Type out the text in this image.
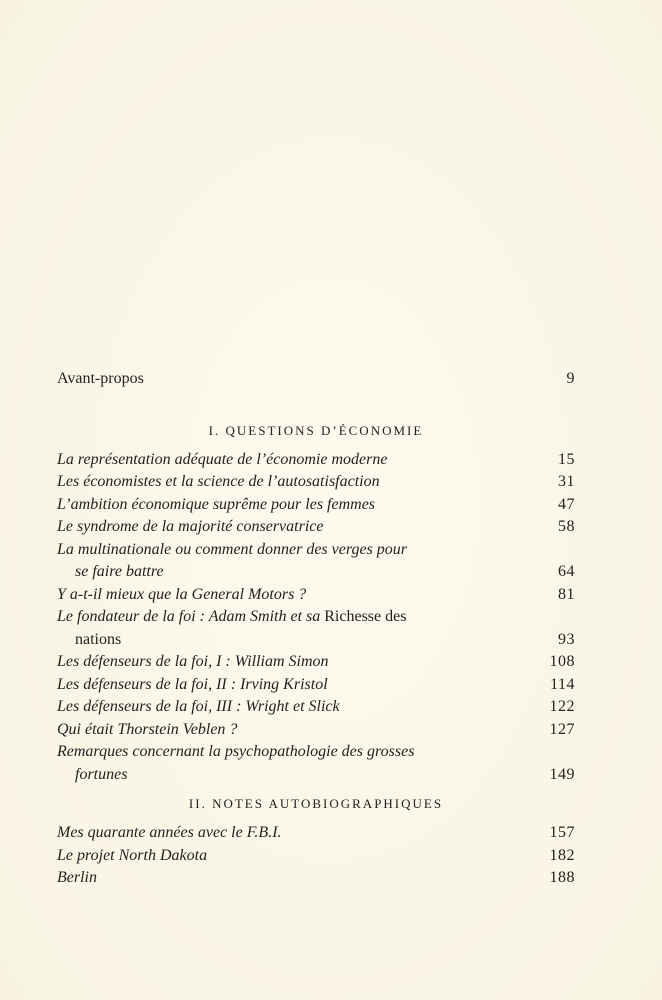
Avant-propos	9
I. QUESTIONS D’ÉCONOMIE
La représentation adéquate de l’économie moderne	15
Les économistes et la science de l’autosatisfaction	31
L’ambition économique suprême pour les femmes	47
Le syndrome de la majorité conservatrice	58
La multinationale ou comment donner des verges pour
se faire battre	64
Y a-t-il mieux que la General Motors ?	81
Le fondateur de la foi : Adam Smith et sa Richesse des
nations	93
Les défenseurs de la foi, I : William Simon	108
Les défenseurs de la foi, II : Irving Kristol	114
Les défenseurs de la foi, III : Wright et Slick	122
Qui était Thorstein Veblen ?	127
Remarques concernant la psychopathologie des grosses
fortunes	149
II. NOTES AUTOBIOGRAPHIQUES
Mes quarante années avec le F.B.I.	157
Le projet North Dakota	182
Berlin	188
